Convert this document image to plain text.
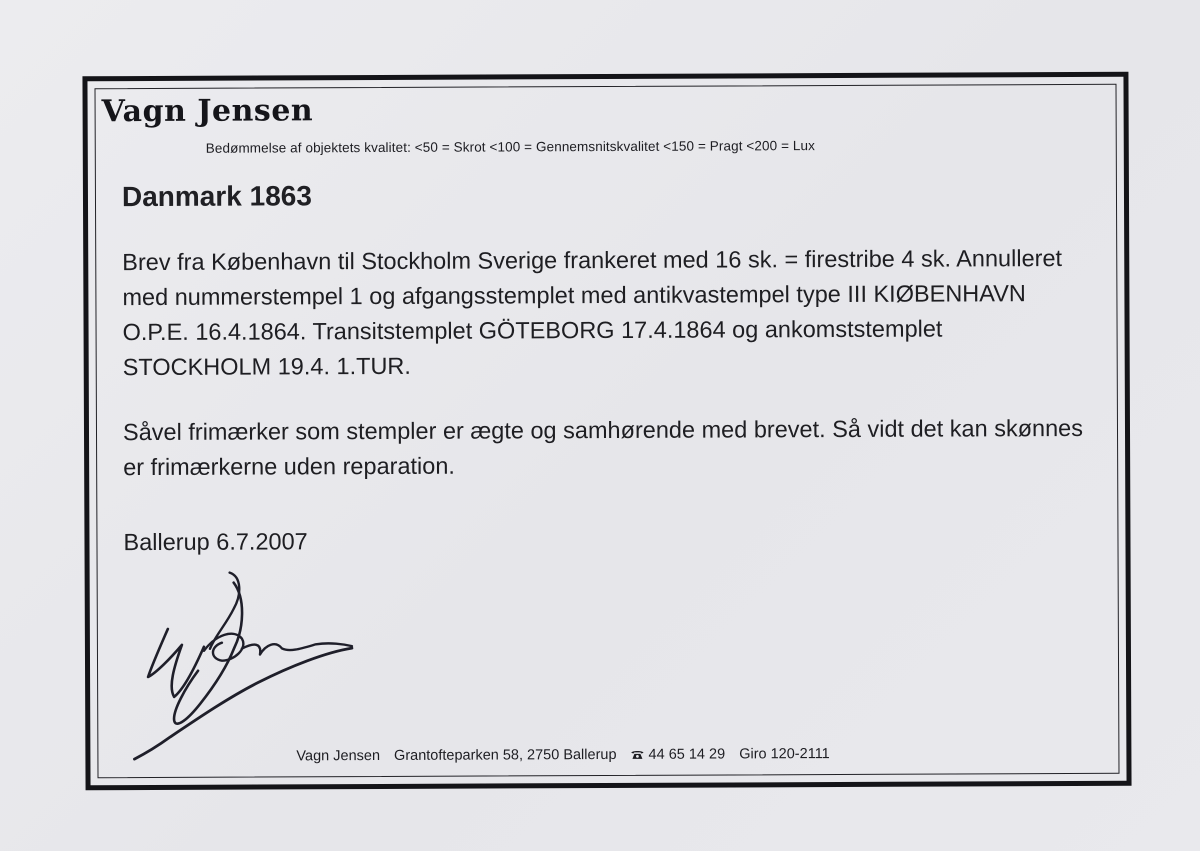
Vagn Jensen
Bedømmelse af objektets kvalitet: <50 = Skrot <100 = Gennemsnitskvalitet <150 = Pragt <200 = Lux
Danmark 1863
Brev fra København til Stockholm Sverige frankeret med 16 sk. = firestribe 4 sk. Annulleret med nummerstempel 1 og afgangsstemplet med antikvastempel type III KIØBENHAVN O.P.E. 16.4.1864. Transitstemplet GÖTEBORG 17.4.1864 og ankomststemplet STOCKHOLM 19.4. 1.TUR.
Såvel frimærker som stempler er ægte og samhørende med brevet. Så vidt det kan skønnes er frimærkerne uden reparation.
Ballerup 6.7.2007
Vagn Jensen Grantofteparken 58, 2750 Ballerup 44 65 14 29 Giro 120-2111
